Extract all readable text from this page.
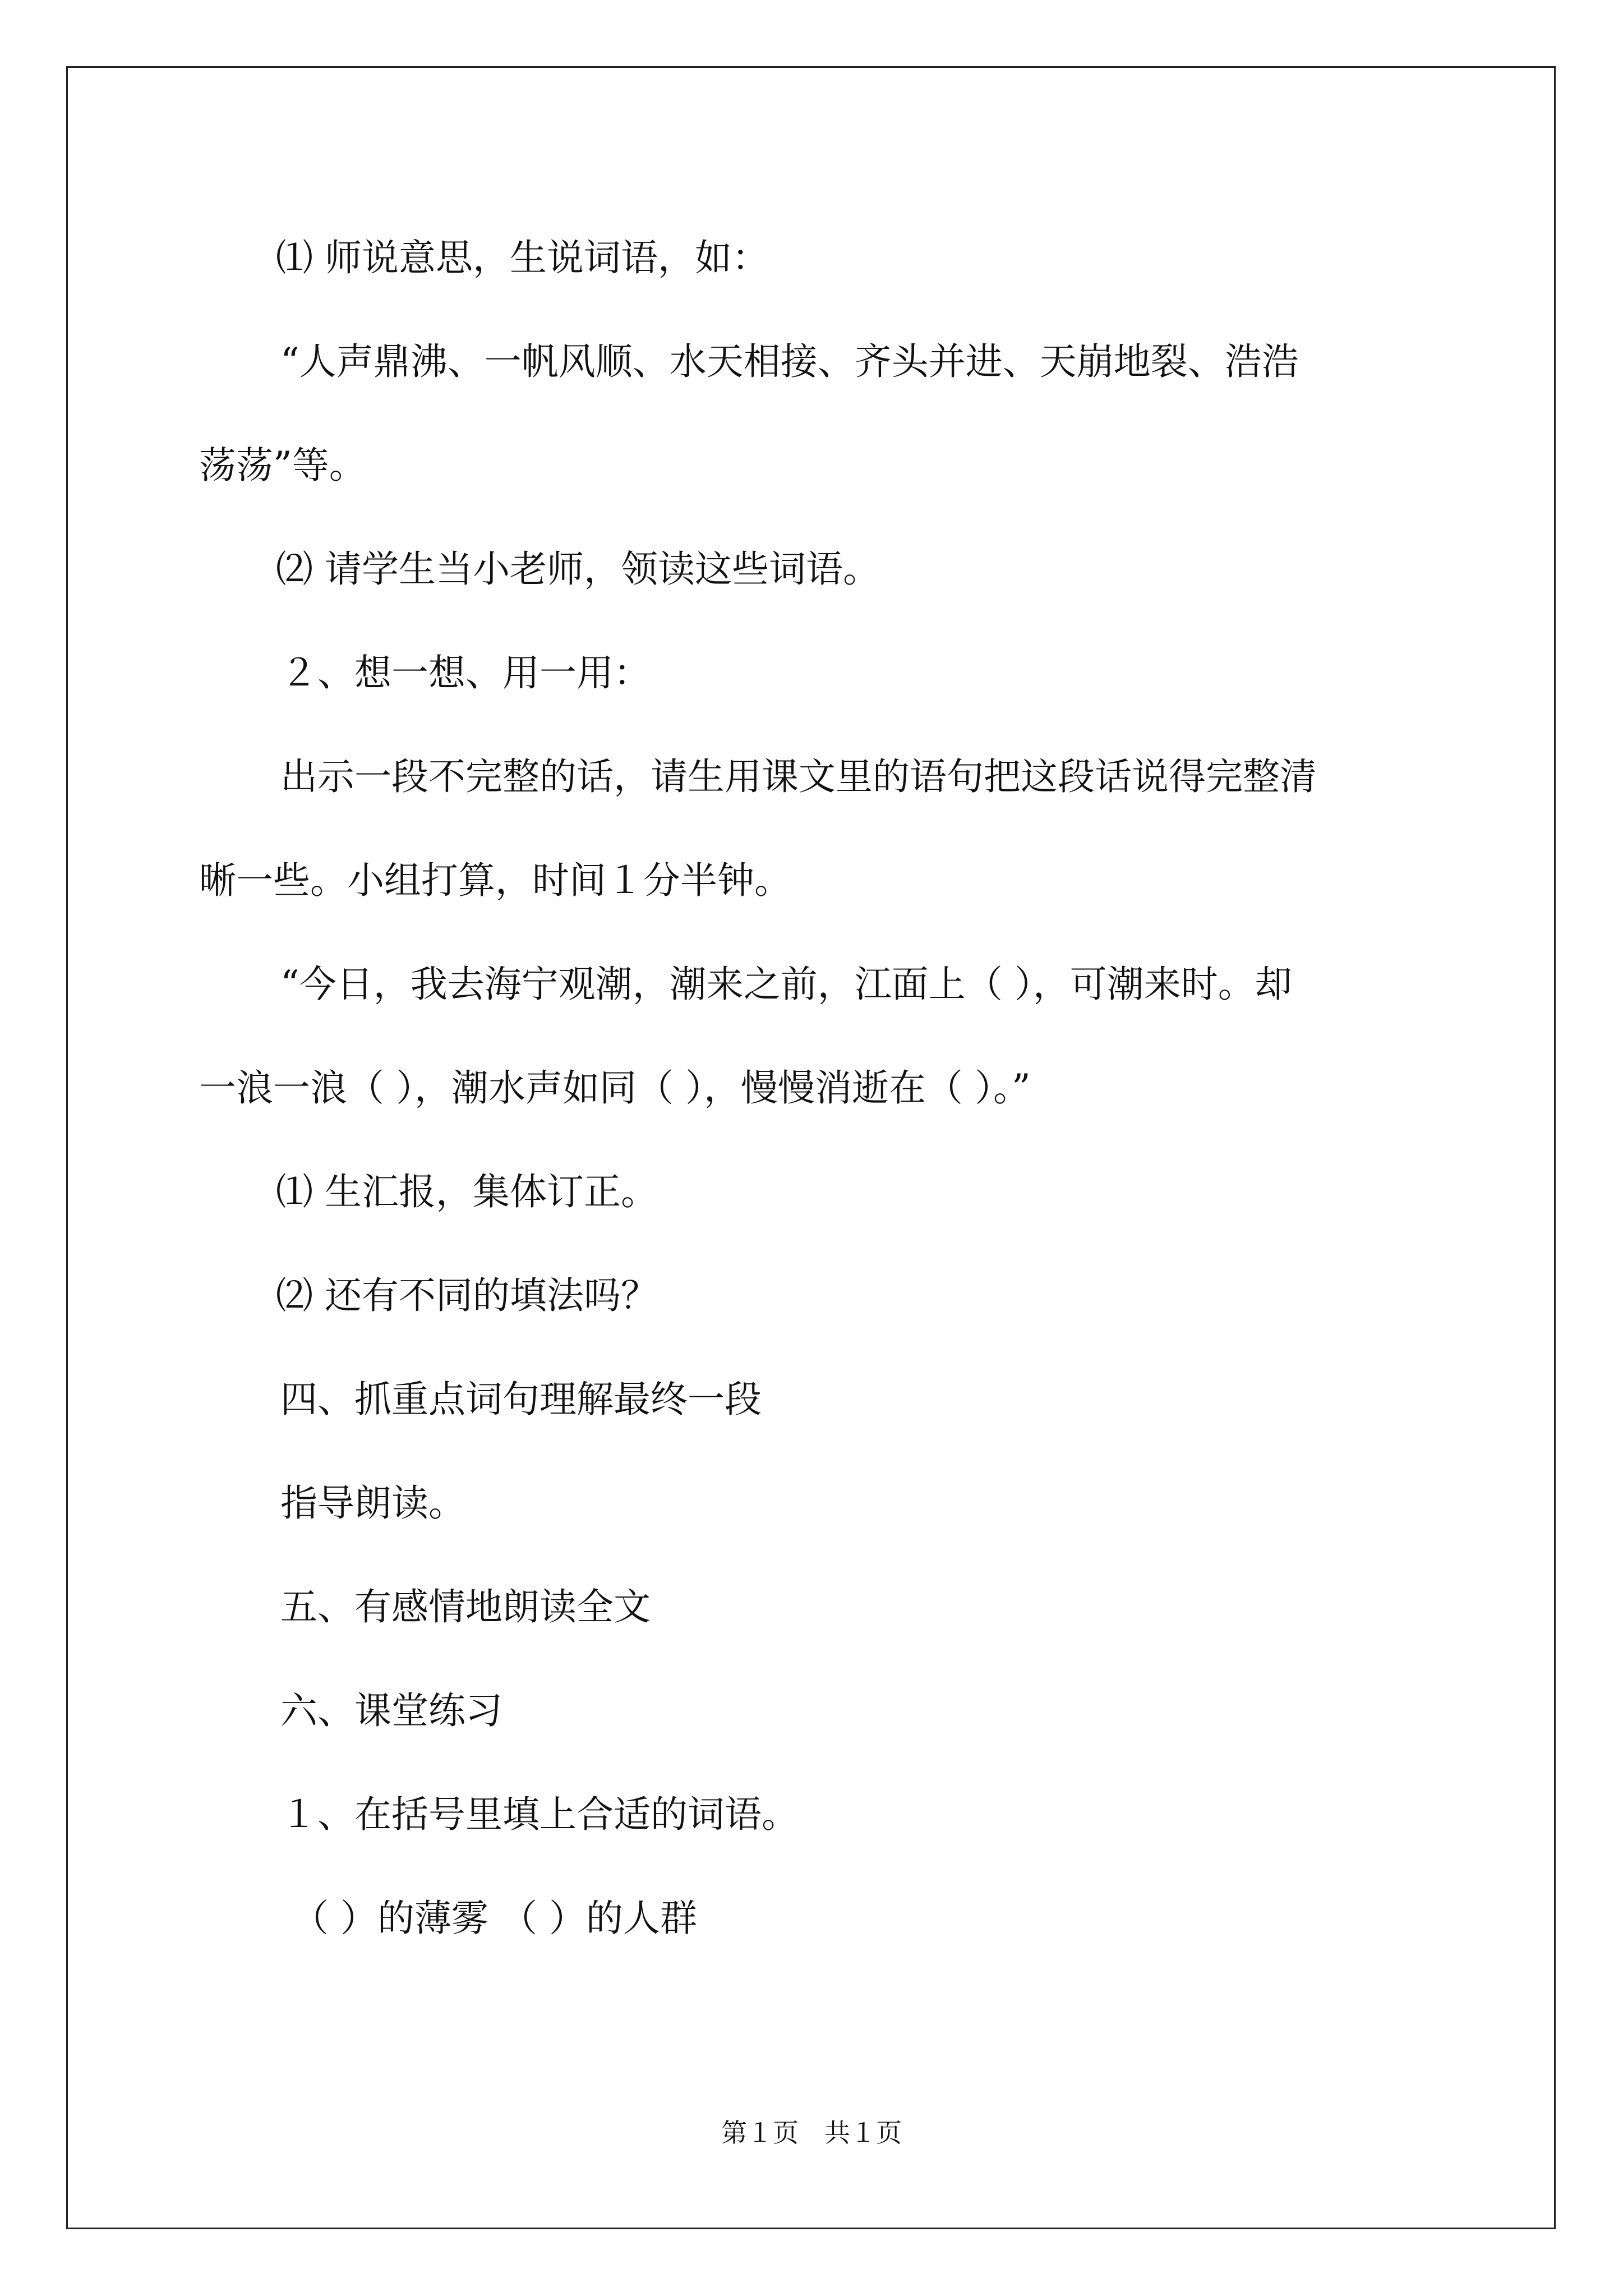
⑴ 师说意思，生说词语，如：
“人声鼎沸、一帆风顺、水天相接、齐头并进、天崩地裂、浩浩
荡荡”等。
⑵ 请学生当小老师，领读这些词语。
２、想一想、用一用：
出示一段不完整的话，请生用课文里的语句把这段话说得完整清
晰一些。小组打算，时间１分半钟。
“今日，我去海宁观潮，潮来之前，江面上（ ），可潮来时。却
一浪一浪（ ），潮水声如同（ ），慢慢消逝在（ ）。”
⑴ 生汇报，集体订正。
⑵ 还有不同的填法吗？
四、抓重点词句理解最终一段
指导朗读。
五、有感情地朗读全文
六、课堂练习
１、在括号里填上合适的词语。
（ ）的薄雾 （ ）的人群
第１页　共１页
